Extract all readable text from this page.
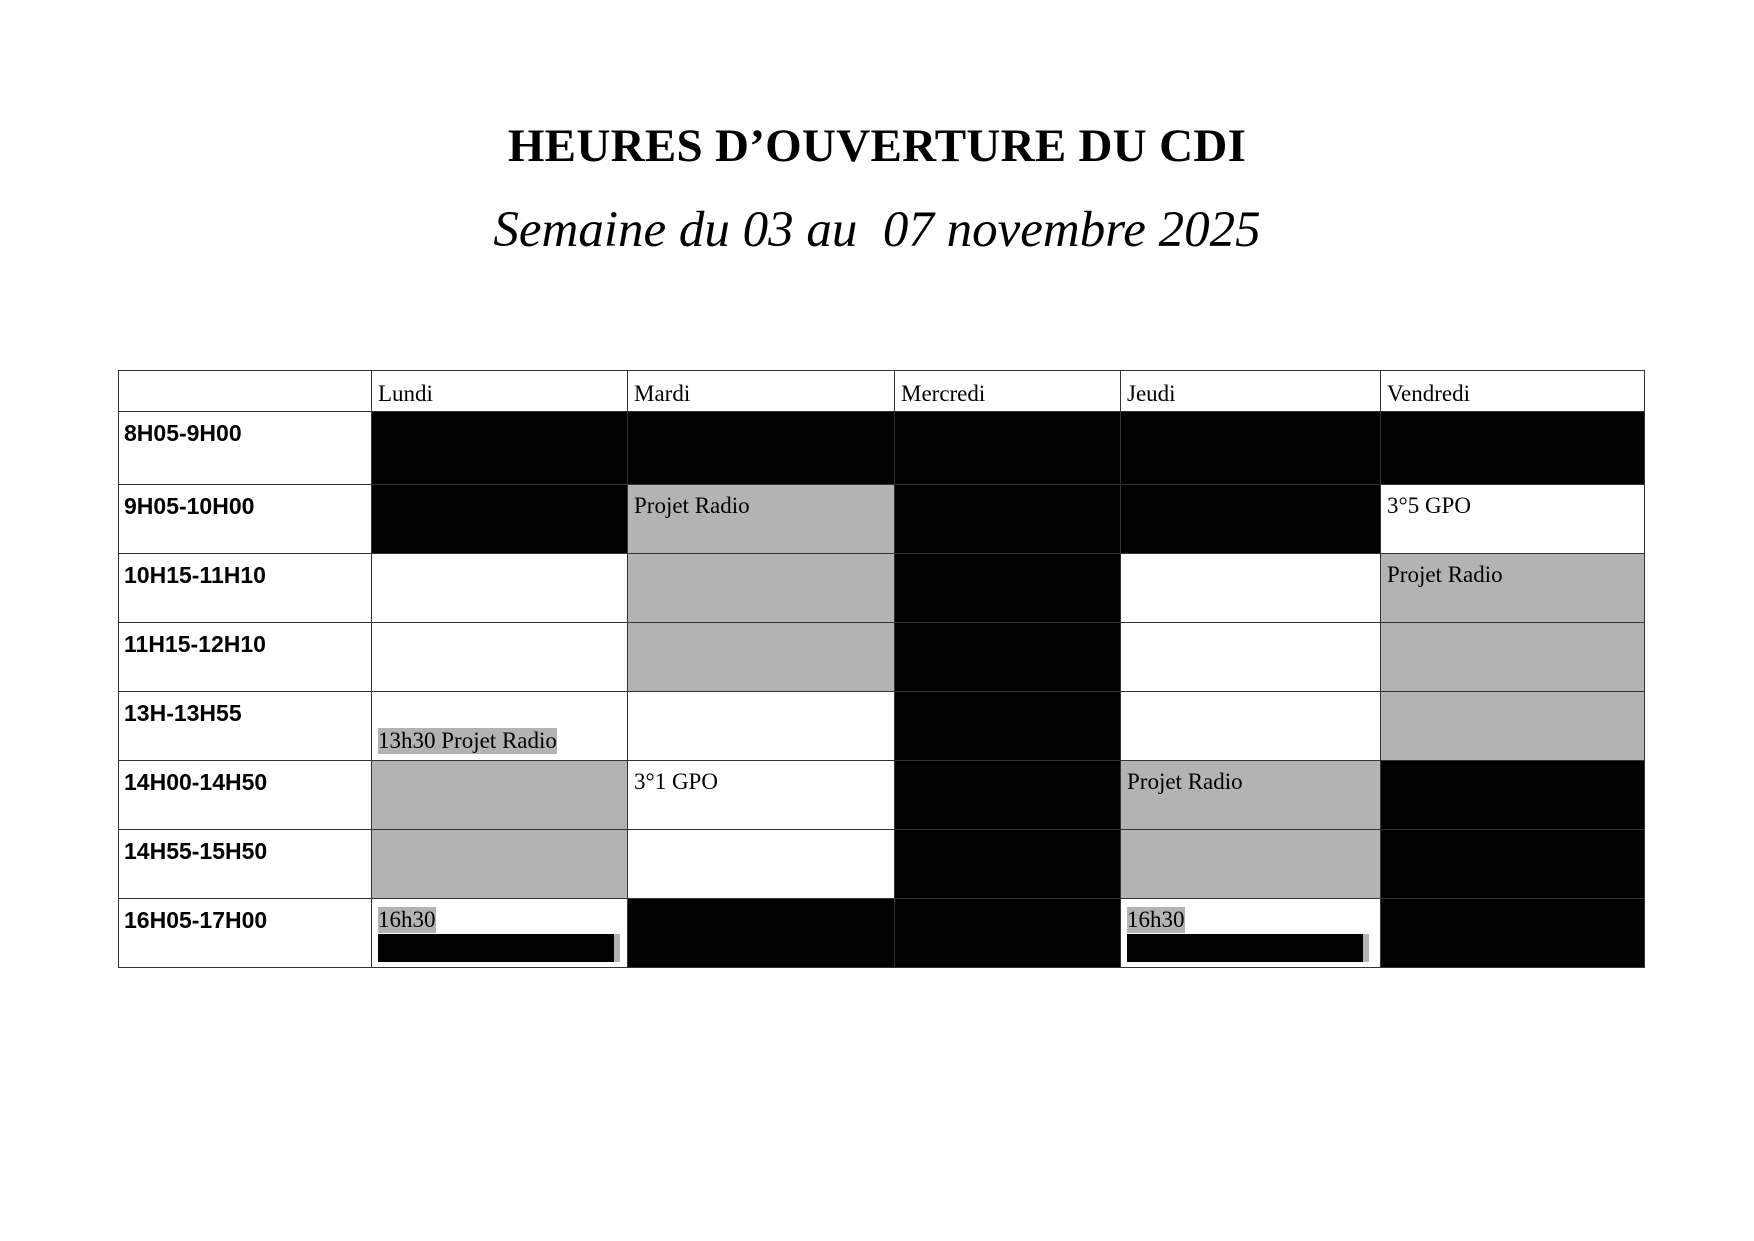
HEURES D’OUVERTURE DU CDI
Semaine du 03 au  07 novembre 2025

	Lundi	Mardi	Mercredi	Jeudi	Vendredi

8H05-9H00					

9H05-10H00		Projet Radio			3°5 GPO

10H15-11H10					Projet Radio

11H15-12H10					

13H-13H55	13h30 Projet Radio				

14H00-14H50		3°1 GPO		Projet Radio	

14H55-15H50					

16H05-17H00	16h30			16h30
